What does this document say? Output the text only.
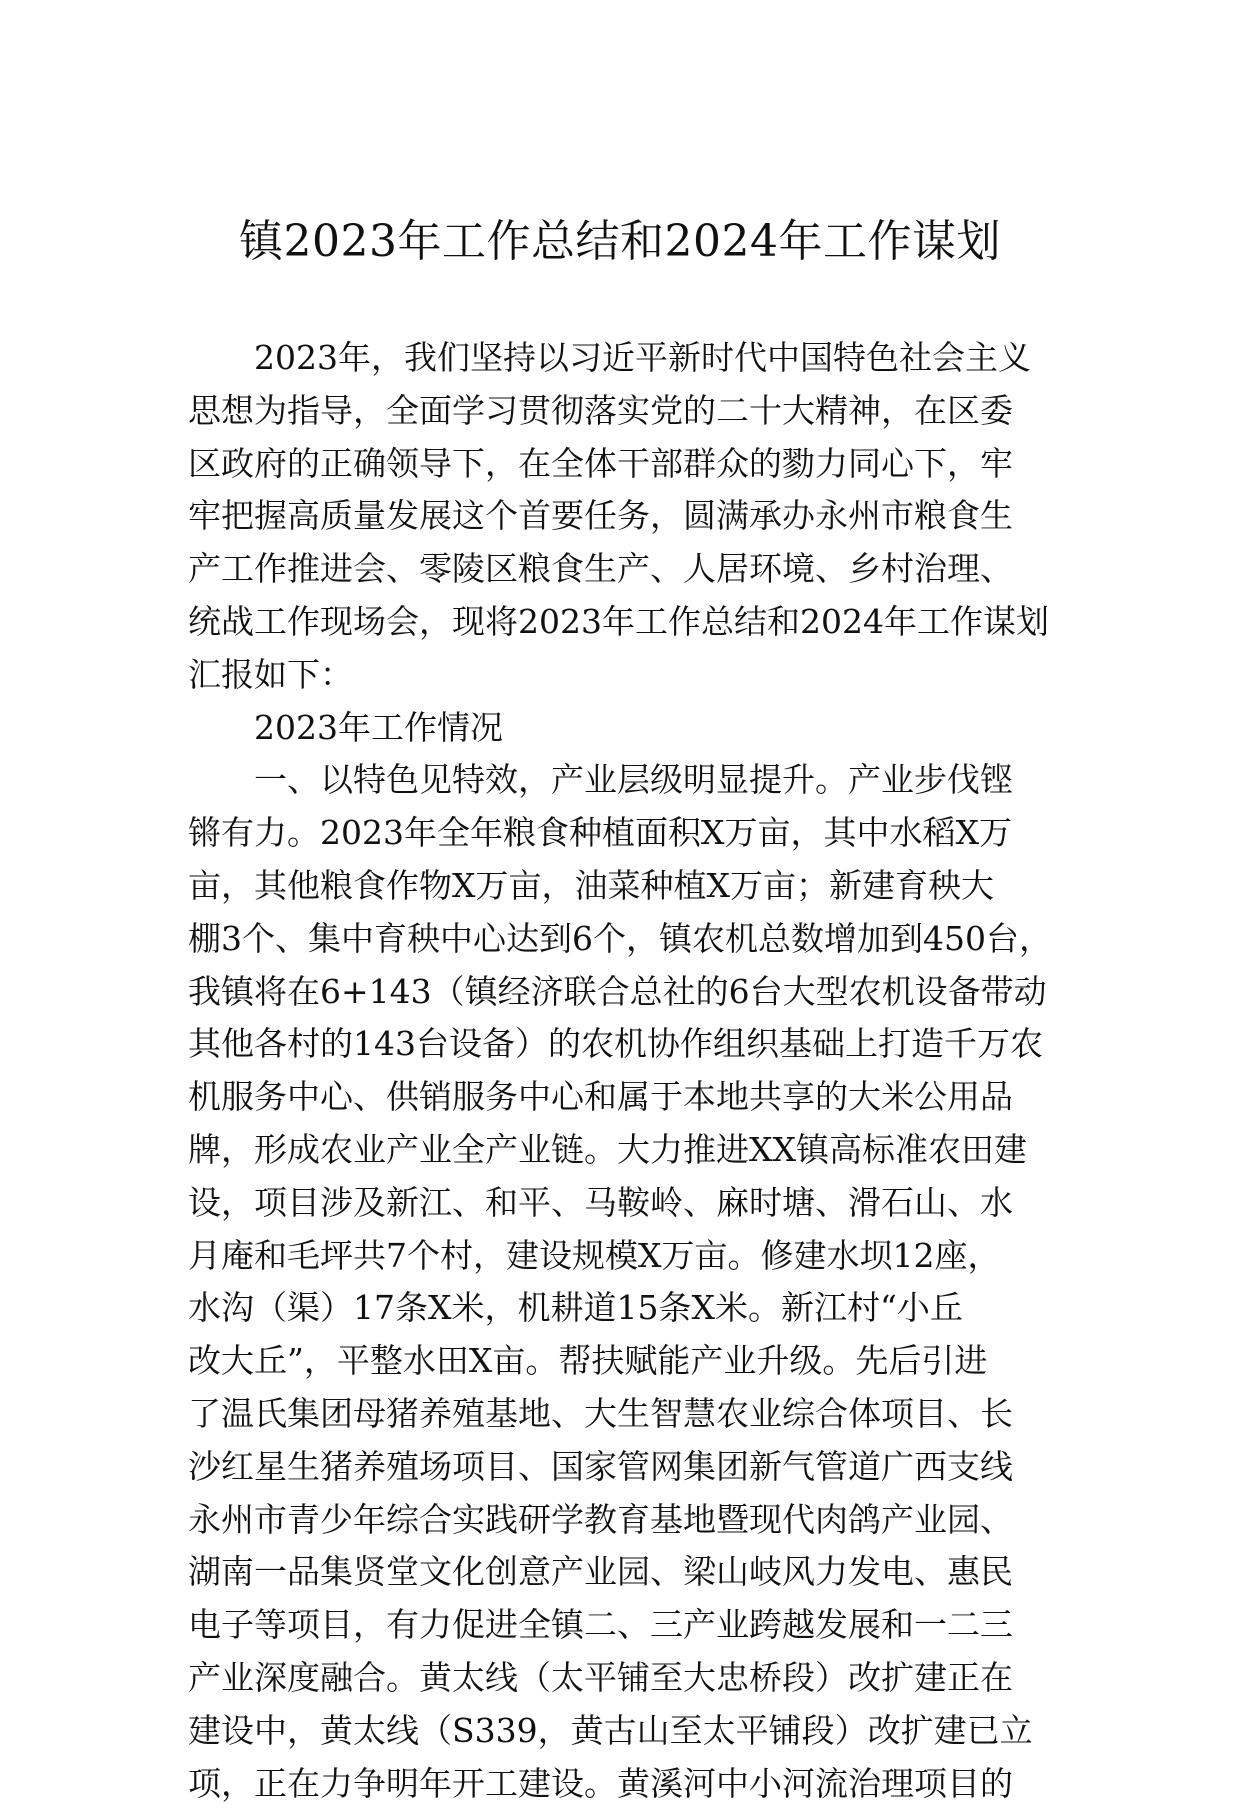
镇2023年工作总结和2024年工作谋划
2023年，我们坚持以习近平新时代中国特色社会主义
思想为指导，全面学习贯彻落实党的二十大精神，在区委
区政府的正确领导下，在全体干部群众的勠力同心下，牢
牢把握高质量发展这个首要任务，圆满承办永州市粮食生
产工作推进会、零陵区粮食生产、人居环境、乡村治理、
统战工作现场会，现将2023年工作总结和2024年工作谋划
汇报如下：
2023年工作情况
一、以特色见特效，产业层级明显提升。产业步伐铿
锵有力。2023年全年粮食种植面积X万亩，其中水稻X万
亩，其他粮食作物X万亩，油菜种植X万亩；新建育秧大
棚3个、集中育秧中心达到6个，镇农机总数增加到450台，
我镇将在6+143（镇经济联合总社的6台大型农机设备带动
其他各村的143台设备）的农机协作组织基础上打造千万农
机服务中心、供销服务中心和属于本地共享的大米公用品
牌，形成农业产业全产业链。大力推进XX镇高标准农田建
设，项目涉及新江、和平、马鞍岭、麻时塘、滑石山、水
月庵和毛坪共7个村，建设规模X万亩。修建水坝12座，
水沟（渠）17条X米，机耕道15条X米。新江村“小丘
改大丘”，平整水田X亩。帮扶赋能产业升级。先后引进
了温氏集团母猪养殖基地、大生智慧农业综合体项目、长
沙红星生猪养殖场项目、国家管网集团新气管道广西支线
永州市青少年综合实践研学教育基地暨现代肉鸽产业园、
湖南一品集贤堂文化创意产业园、梁山岐风力发电、惠民
电子等项目，有力促进全镇二、三产业跨越发展和一二三
产业深度融合。黄太线（太平铺至大忠桥段）改扩建正在
建设中，黄太线（S339，黄古山至太平铺段）改扩建已立
项，正在力争明年开工建设。黄溪河中小河流治理项目的
